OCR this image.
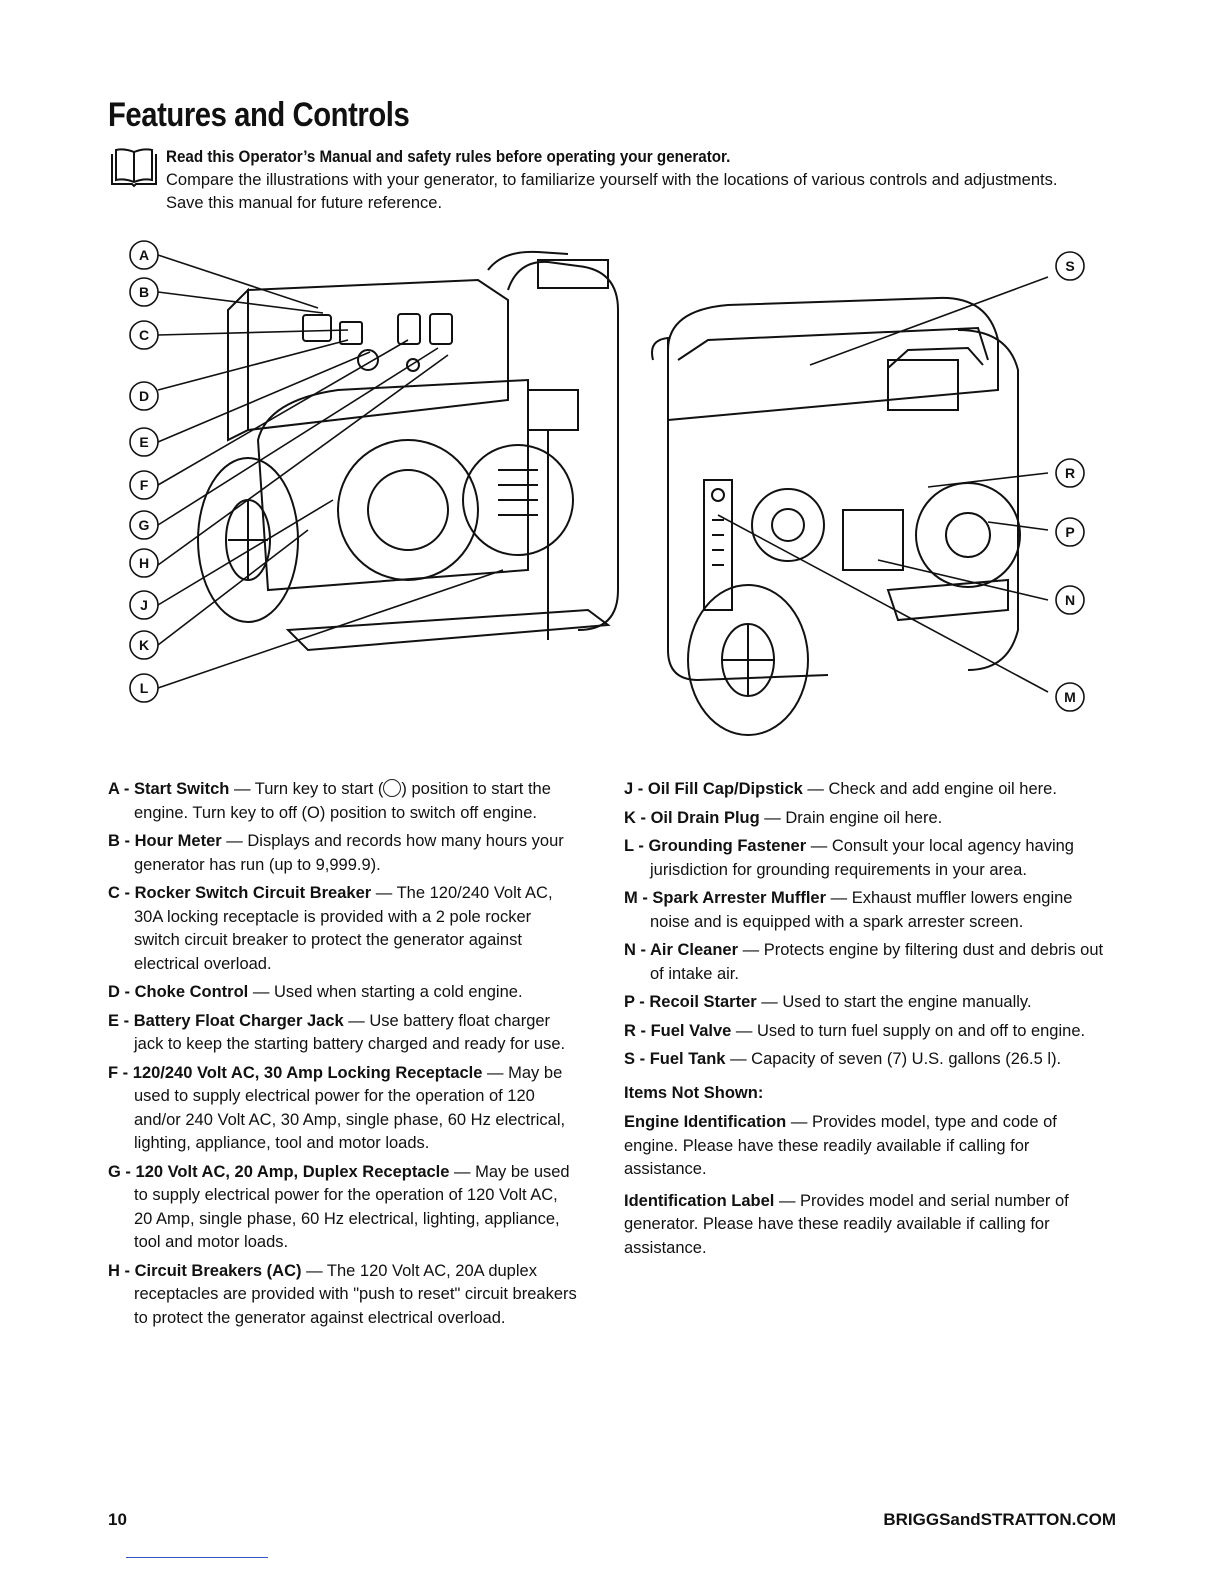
Features and Controls
Read this Operator’s Manual and safety rules before operating your generator.
Compare the illustrations with your generator, to familiarize yourself with the locations of various controls and adjustments. Save this manual for future reference.
A
B
C
D
E
F
G
H
J
K
L
S
R
P
N
M
A - Start Switch — Turn key to start ( ) position to start the engine. Turn key to off (O) position to switch off engine.
B - Hour Meter — Displays and records how many hours your generator has run (up to 9,999.9).
C - Rocker Switch Circuit Breaker — The 120/240 Volt AC, 30A locking receptacle is provided with a 2 pole rocker switch circuit breaker to protect the generator against electrical overload.
D - Choke Control — Used when starting a cold engine.
E - Battery Float Charger Jack — Use battery float charger jack to keep the starting battery charged and ready for use.
F - 120/240 Volt AC, 30 Amp Locking Receptacle — May be used to supply electrical power for the operation of 120 and/or 240 Volt AC, 30 Amp, single phase, 60 Hz electrical, lighting, appliance, tool and motor loads.
G - 120 Volt AC, 20 Amp, Duplex Receptacle — May be used to supply electrical power for the operation of 120 Volt AC, 20 Amp, single phase, 60 Hz electrical, lighting, appliance, tool and motor loads.
H - Circuit Breakers (AC) — The 120 Volt AC, 20A duplex receptacles are provided with "push to reset" circuit breakers to protect the generator against electrical overload.
J - Oil Fill Cap/Dipstick — Check and add engine oil here.
K - Oil Drain Plug — Drain engine oil here.
L - Grounding Fastener — Consult your local agency having jurisdiction for grounding requirements in your area.
M - Spark Arrester Muffler — Exhaust muffler lowers engine noise and is equipped with a spark arrester screen.
N - Air Cleaner — Protects engine by filtering dust and debris out of intake air.
P - Recoil Starter — Used to start the engine manually.
R - Fuel Valve — Used to turn fuel supply on and off to engine.
S - Fuel Tank — Capacity of seven (7) U.S. gallons (26.5 l).
Items Not Shown:
Engine Identification — Provides model, type and code of engine. Please have these readily available if calling for assistance.
Identification Label — Provides model and serial number of generator. Please have these readily available if calling for assistance.
10	BRIGGSandSTRATTON.COM
